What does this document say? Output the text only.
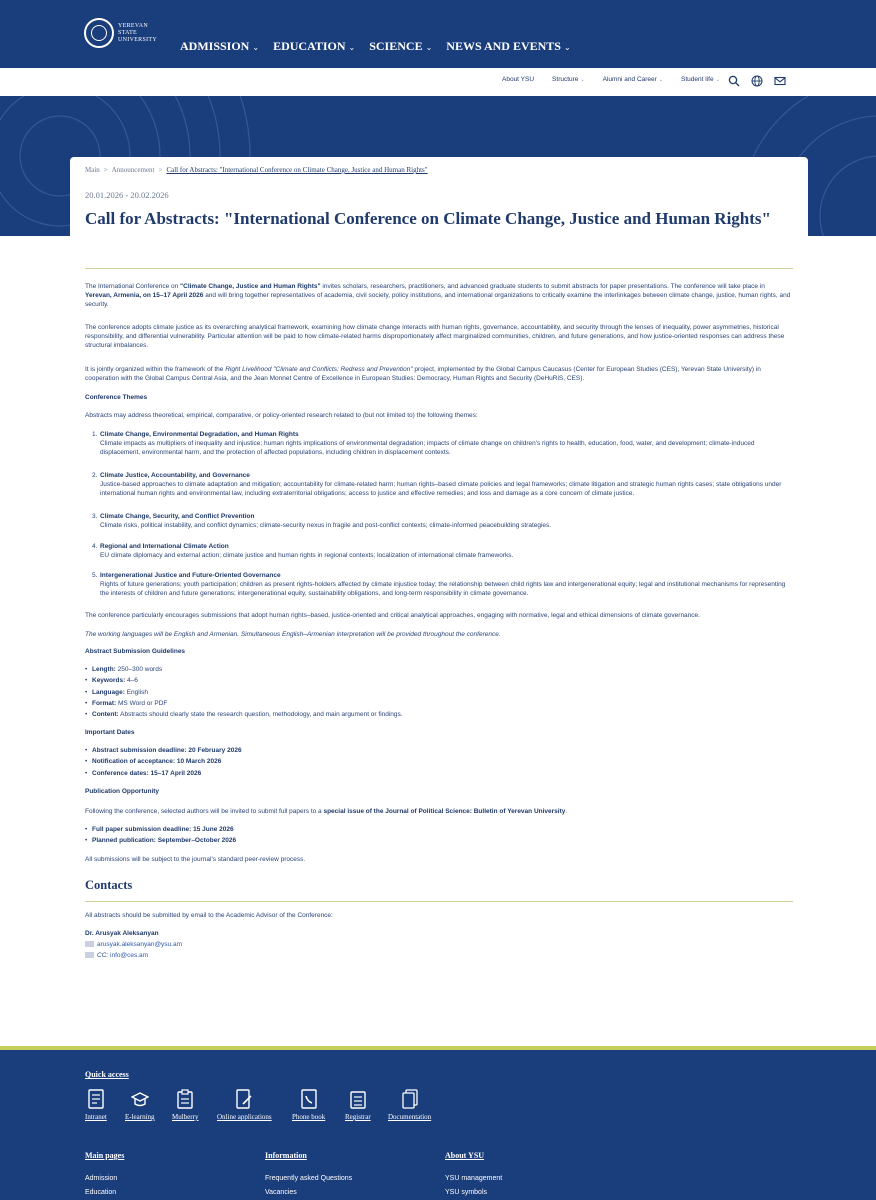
YEREVAN
STATE
UNIVERSITY ADMISSION ⌄ EDUCATION ⌄ SCIENCE ⌄ NEWS AND EVENTS ⌄
About YSU	Structure ⌄	Alumni and Career ⌄	Student life ⌄
Main > Announcement > Call for Abstracts: "International Conference on Climate Change, Justice and Human Rights"
20.01.2026 - 20.02.2026
Call for Abstracts: "International Conference on Climate Change, Justice and Human Rights"
The International Conference on "Climate Change, Justice and Human Rights" invites scholars, researchers, practitioners, and advanced graduate students to submit abstracts for paper presentations. The conference will take place in Yerevan, Armenia, on 15–17 April 2026 and will bring together representatives of academia, civil society, policy institutions, and international organizations to critically examine the interlinkages between climate change, justice, human rights, and security.
The conference adopts climate justice as its overarching analytical framework, examining how climate change interacts with human rights, governance, accountability, and security through the lenses of inequality, power asymmetries, historical responsibility, and differential vulnerability. Particular attention will be paid to how climate-related harms disproportionately affect marginalized communities, children, and future generations, and how justice-oriented responses can address these structural imbalances.
It is jointly organized within the framework of the Right Livelihood "Climate and Conflicts: Redress and Prevention" project, implemented by the Global Campus Caucasus (Center for European Studies (CES), Yerevan State University) in cooperation with the Global Campus Central Asia, and the Jean Monnet Centre of Excellence in European Studies: Democracy, Human Rights and Security (DeHuRiS, CES).
Conference Themes
Abstracts may address theoretical, empirical, comparative, or policy-oriented research related to (but not limited to) the following themes:
1. Climate Change, Environmental Degradation, and Human Rights
Climate impacts as multipliers of inequality and injustice; human rights implications of environmental degradation; impacts of climate change on children's rights to health, education, food, water, and development; climate-induced displacement, environmental harm, and the protection of affected populations, including children in displacement contexts.
2. Climate Justice, Accountability, and Governance
Justice-based approaches to climate adaptation and mitigation; accountability for climate-related harm; human rights–based climate policies and legal frameworks; climate litigation and strategic human rights cases; state obligations under international human rights and environmental law, including extraterritorial obligations; access to justice and effective remedies; and loss and damage as a core concern of climate justice.
3. Climate Change, Security, and Conflict Prevention
Climate risks, political instability, and conflict dynamics; climate-security nexus in fragile and post-conflict contexts; climate-informed peacebuilding strategies.
4. Regional and International Climate Action
EU climate diplomacy and external action; climate justice and human rights in regional contexts; localization of international climate frameworks.
5. Intergenerational Justice and Future-Oriented Governance
Rights of future generations; youth participation; children as present rights-holders affected by climate injustice today; the relationship between child rights law and intergenerational equity; legal and institutional mechanisms for representing the interests of children and future generations; intergenerational equity, sustainability obligations, and long-term responsibility in climate governance.
The conference particularly encourages submissions that adopt human rights–based, justice-oriented and critical analytical approaches, engaging with normative, legal and ethical dimensions of climate governance.
The working languages will be English and Armenian. Simultaneous English–Armenian interpretation will be provided throughout the conference.
Abstract Submission Guidelines
• Length: 250–300 words
• Keywords: 4–6
• Language: English
• Format: MS Word or PDF
• Content: Abstracts should clearly state the research question, methodology, and main argument or findings.
Important Dates
• Abstract submission deadline: 20 February 2026
• Notification of acceptance: 10 March 2026
• Conference dates: 15–17 April 2026
Publication Opportunity
Following the conference, selected authors will be invited to submit full papers to a special issue of the Journal of Political Science: Bulletin of Yerevan University.
• Full paper submission deadline: 15 June 2026
• Planned publication: September–October 2026
All submissions will be subject to the journal's standard peer-review process.
Contacts
All abstracts should be submitted by email to the Academic Advisor of the Conference:
Dr. Arusyak Aleksanyan
arusyak.aleksanyan@ysu.am
CC: info@ces.am
Quick access
Intranet	E-learning Mulberry	Online applications	Phone book	Registrar Documentation
Main pages
Admission
Education
Information
Frequently asked Questions
Vacancies
About YSU
YSU management
YSU symbols
